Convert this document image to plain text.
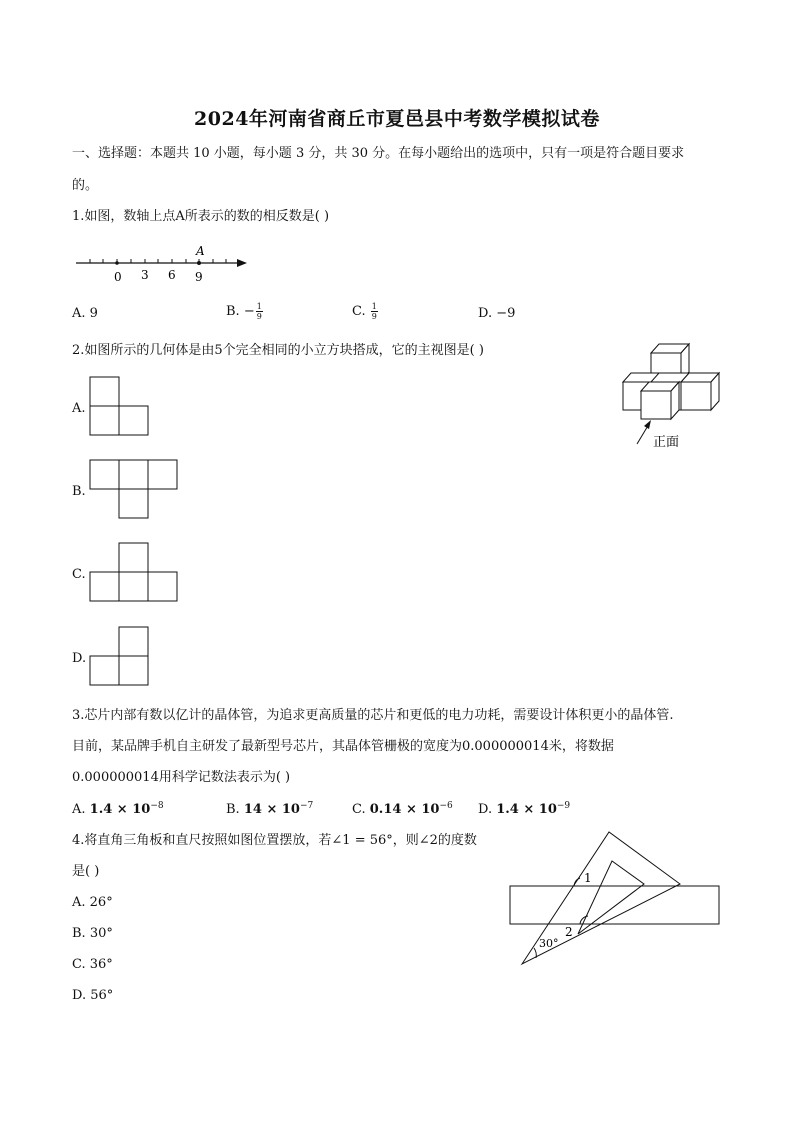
2024年河南省商丘市夏邑县中考数学模拟试卷
一、选择题：本题共 10 小题，每小题 3 分，共 30 分。在每小题给出的选项中，只有一项是符合题目要求
的。
1.如图，数轴上点A所表示的数的相反数是( )
A
0 3 6 9
A. 9	B. − $\frac{1}{9}$	C. $\frac{1}{9}$	D. −9
2.如图所示的几何体是由5个完全相同的小立方块搭成，它的主视图是( )
正面
A.
B.
C.
D.
3.芯片内部有数以亿计的晶体管，为追求更高质量的芯片和更低的电力功耗，需要设计体积更小的晶体管.
目前，某品牌手机自主研发了最新型号芯片，其晶体管栅极的宽度为0.000000014米，将数据
0.000000014用科学记数法表示为( )
A. $1.4 \times 10^{-8}$	B. $14 \times 10^{-7}$	C. $0.14 \times 10^{-6}$ D. $1.4 \times 10^{-9}$
4.将直角三角板和直尺按照如图位置摆放，若∠1 = 56°，则∠2的度数
是( )
A. 26°
B. 30°
C. 36°
D. 56°
1
2
30°
